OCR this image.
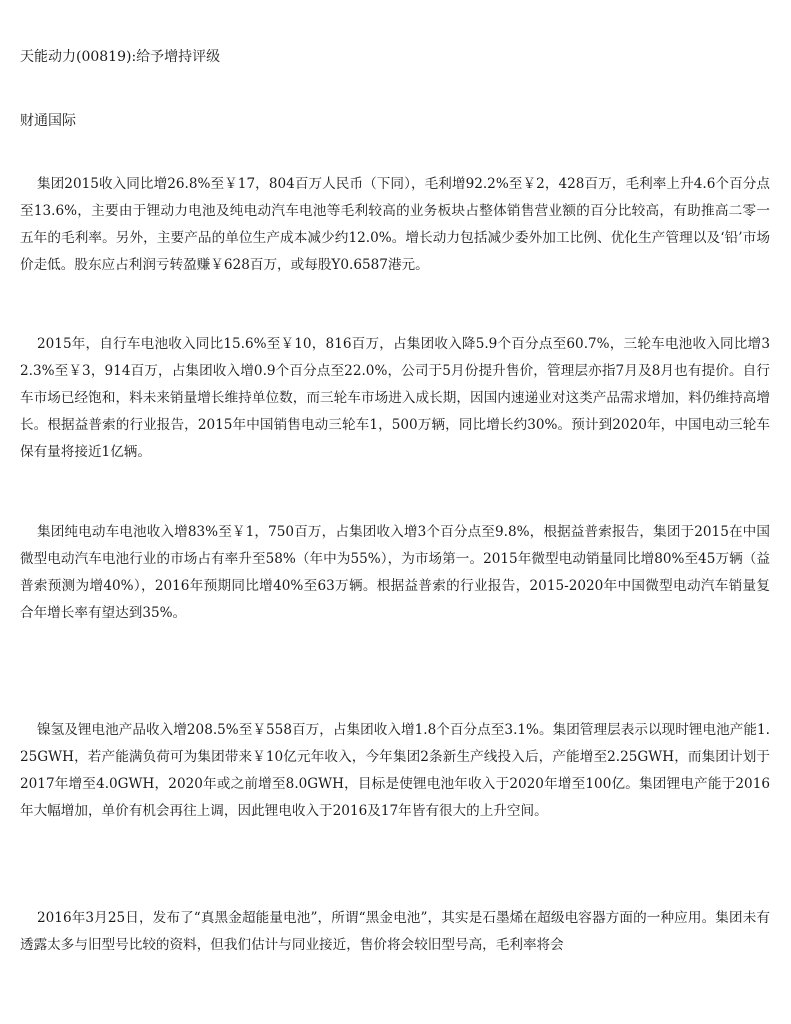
天能动力(00819):给予增持评级
财通国际

集团2015收入同比增26.8%至￥17，804百万人民币（下同），毛利增92.2%至￥2，428百万，毛利率上升4.6个百分点至13.6%，主要由于锂动力电池及纯电动汽车电池等毛利较高的业务板块占整体销售营业额的百分比较高，有助推高二零一五年的毛利率。另外，主要产品的单位生产成本减少约12.0%。增长动力包括减少委外加工比例、优化生产管理以及‘铅’市场价走低。股东应占利润亏转盈赚￥628百万，或每股Y0.6587港元。

2015年，自行车电池收入同比15.6%至￥10，816百万，占集团收入降5.9个百分点至60.7%，三轮车电池收入同比增32.3%至￥3，914百万，占集团收入增0.9个百分点至22.0%，公司于5月份提升售价，管理层亦指7月及8月也有提价。自行车市场已经饱和，料未来销量增长维持单位数，而三轮车市场进入成长期，因国内速递业对这类产品需求增加，料仍维持高增长。根据益普索的行业报告，2015年中国销售电动三轮车1，500万辆，同比增长约30%。预计到2020年，中国电动三轮车保有量将接近1亿辆。

集团纯电动车电池收入增83%至￥1，750百万，占集团收入增3个百分点至9.8%，根据益普索报告，集团于2015在中国微型电动汽车电池行业的市场占有率升至58%（年中为55%），为市场第一。2015年微型电动销量同比增80%至45万辆（益普索预测为增40%），2016年预期同比增40%至63万辆。根据益普索的行业报告，2015-2020年中国微型电动汽车销量复合年增长率有望达到35%。

镍氢及锂电池产品收入增208.5%至￥558百万，占集团收入增1.8个百分点至3.1%。集团管理层表示以现时锂电池产能1.25GWH，若产能满负荷可为集团带来￥10亿元年收入，今年集团2条新生产线投入后，产能增至2.25GWH，而集团计划于2017年增至4.0GWH，2020年或之前增至8.0GWH，目标是使锂电池年收入于2020年增至100亿。集团锂电产能于2016年大幅增加，单价有机会再往上调，因此锂电收入于2016及17年皆有很大的上升空间。

2016年3月25日，发布了“真黑金超能量电池”，所谓“黑金电池”，其实是石墨烯在超级电容器方面的一种应用。集团未有透露太多与旧型号比较的资料，但我们估计与同业接近，售价将会较旧型号高，毛利率将会
